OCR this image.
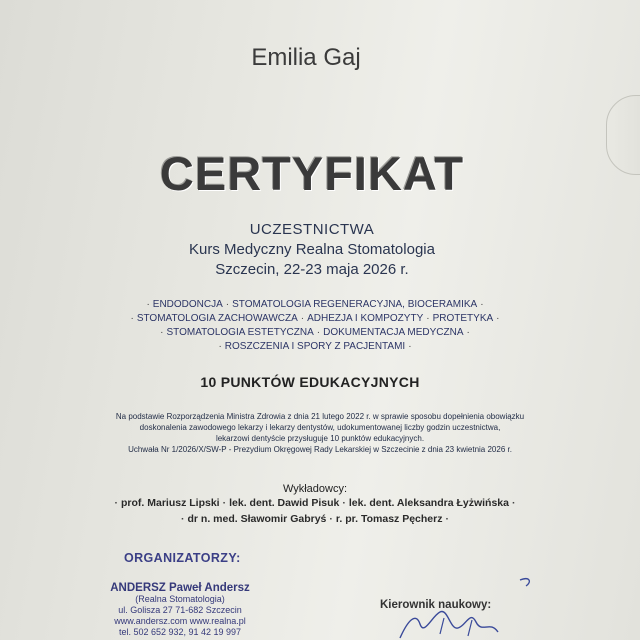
Emilia Gaj
CERTYFIKAT
UCZESTNICTWA
Kurs Medyczny Realna Stomatologia
Szczecin, 22-23 maja 2026 r.
· ENDODONCJA · STOMATOLOGIA REGENERACYJNA, BIOCERAMIKA ·
· STOMATOLOGIA ZACHOWAWCZA · ADHEZJA I KOMPOZYTY · PROTETYKA ·
· STOMATOLOGIA ESTETYCZNA · DOKUMENTACJA MEDYCZNA ·
· ROSZCZENIA I SPORY Z PACJENTAMI ·
10 PUNKTÓW EDUKACYJNYCH
Na podstawie Rozporządzenia Ministra Zdrowia z dnia 21 lutego 2022 r. w sprawie sposobu dopełnienia obowiązku
doskonalenia zawodowego lekarzy i lekarzy dentystów, udokumentowanej liczby godzin uczestnictwa,
lekarzowi dentyście przysługuje 10 punktów edukacyjnych.
Uchwała Nr 1/2026/X/SW-P - Prezydium Okręgowej Rady Lekarskiej w Szczecinie z dnia 23 kwietnia 2026 r.
Wykładowcy:
· prof. Mariusz Lipski · lek. dent. Dawid Pisuk · lek. dent. Aleksandra Łyżwińska ·
· dr n. med. Sławomir Gabryś · r. pr. Tomasz Pęcherz ·
ORGANIZATORZY:
ANDERSZ Paweł Andersz
(Realna Stomatologia)
ul. Golisza 27 71-682 Szczecin
www.andersz.com www.realna.pl
tel. 502 652 932, 91 42 19 997
Kierownik naukowy:
